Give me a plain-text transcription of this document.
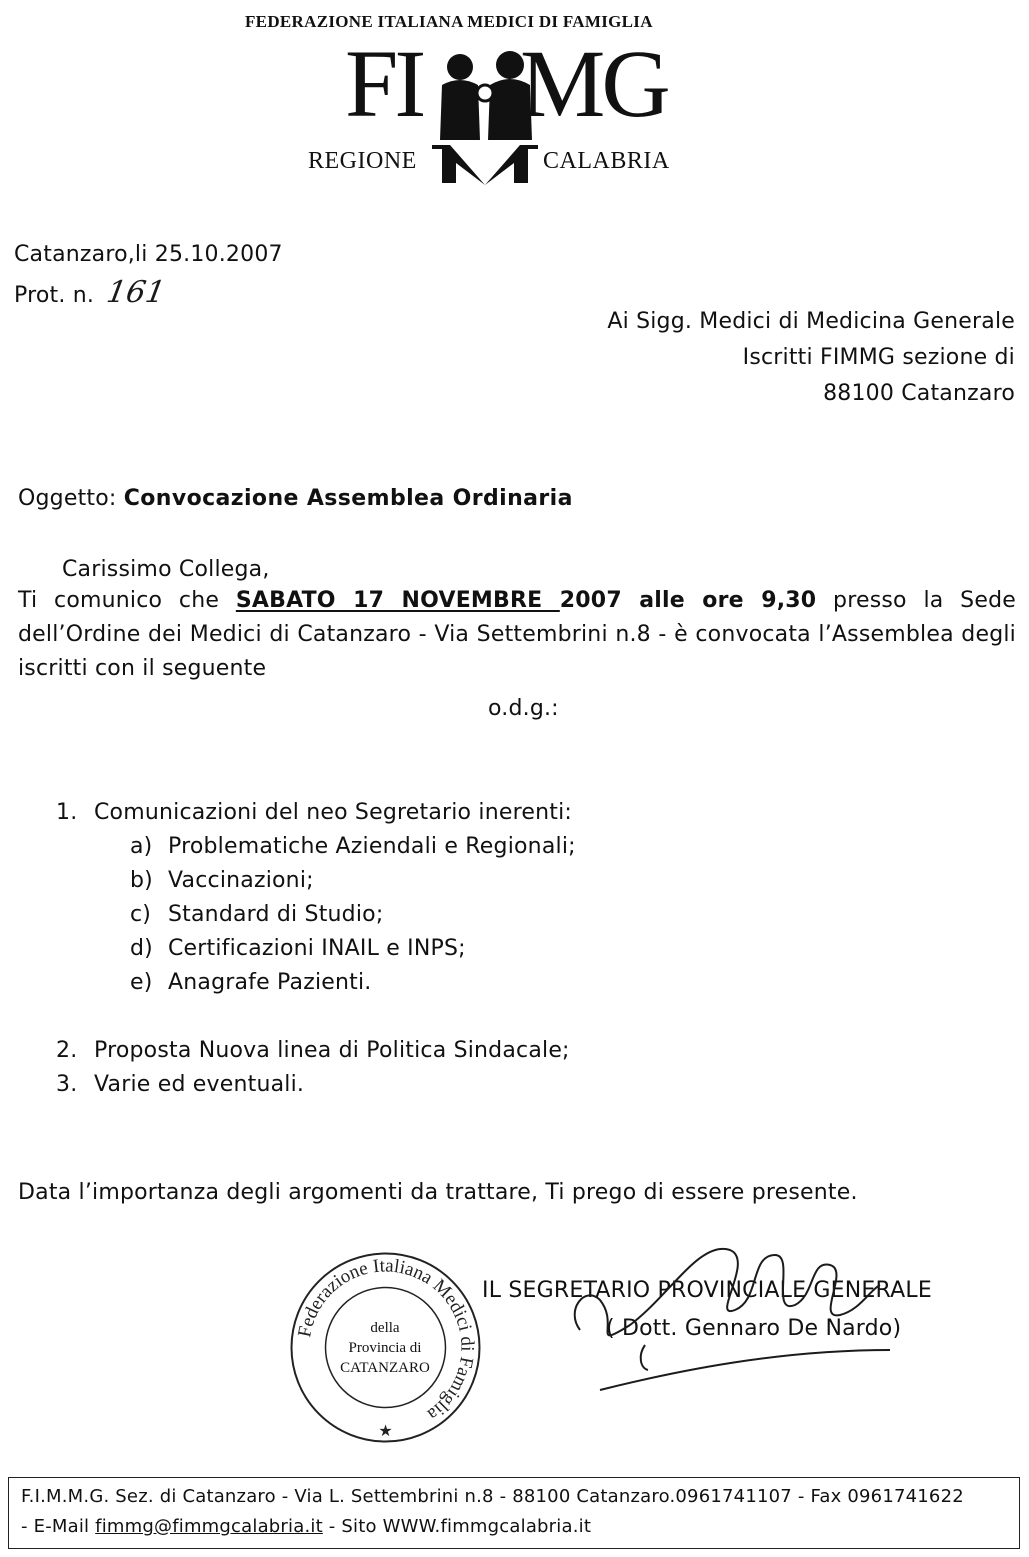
FEDERAZIONE ITALIANA MEDICI DI FAMIGLIA
FI MG
REGIONE	CALABRIA
Catanzaro,li 25.10.2007
Prot. n. 161
Ai Sigg. Medici di Medicina Generale
Iscritti FIMMG sezione di
88100 Catanzaro
Oggetto: Convocazione Assemblea Ordinaria
Carissimo Collega,
Ti comunico che SABATO 17 NOVEMBRE 2007 alle ore 9,30 presso la Sede dell’Ordine dei Medici di Catanzaro - Via Settembrini n.8 - è convocata l’Assemblea degli iscritti con il seguente
o.d.g.:
1. Comunicazioni del neo Segretario inerenti:
a) Problematiche Aziendali e Regionali;
b) Vaccinazioni;
c) Standard di Studio;
d) Certificazioni INAIL e INPS;
e) Anagrafe Pazienti.
2. Proposta Nuova linea di Politica Sindacale;
3. Varie ed eventuali.
Data l’importanza degli argomenti da trattare, Ti prego di essere presente.
Federazione Italiana Medici di Famiglia
★
della
Provincia di
CATANZARO
IL SEGRETARIO PROVINCIALE GENERALE
( Dott. Gennaro De Nardo)
F.I.M.M.G. Sez. di Catanzaro - Via L. Settembrini n.8 - 88100 Catanzaro.0961741107 - Fax 0961741622
- E-Mail fimmg@fimmgcalabria.it - Sito WWW.fimmgcalabria.it
